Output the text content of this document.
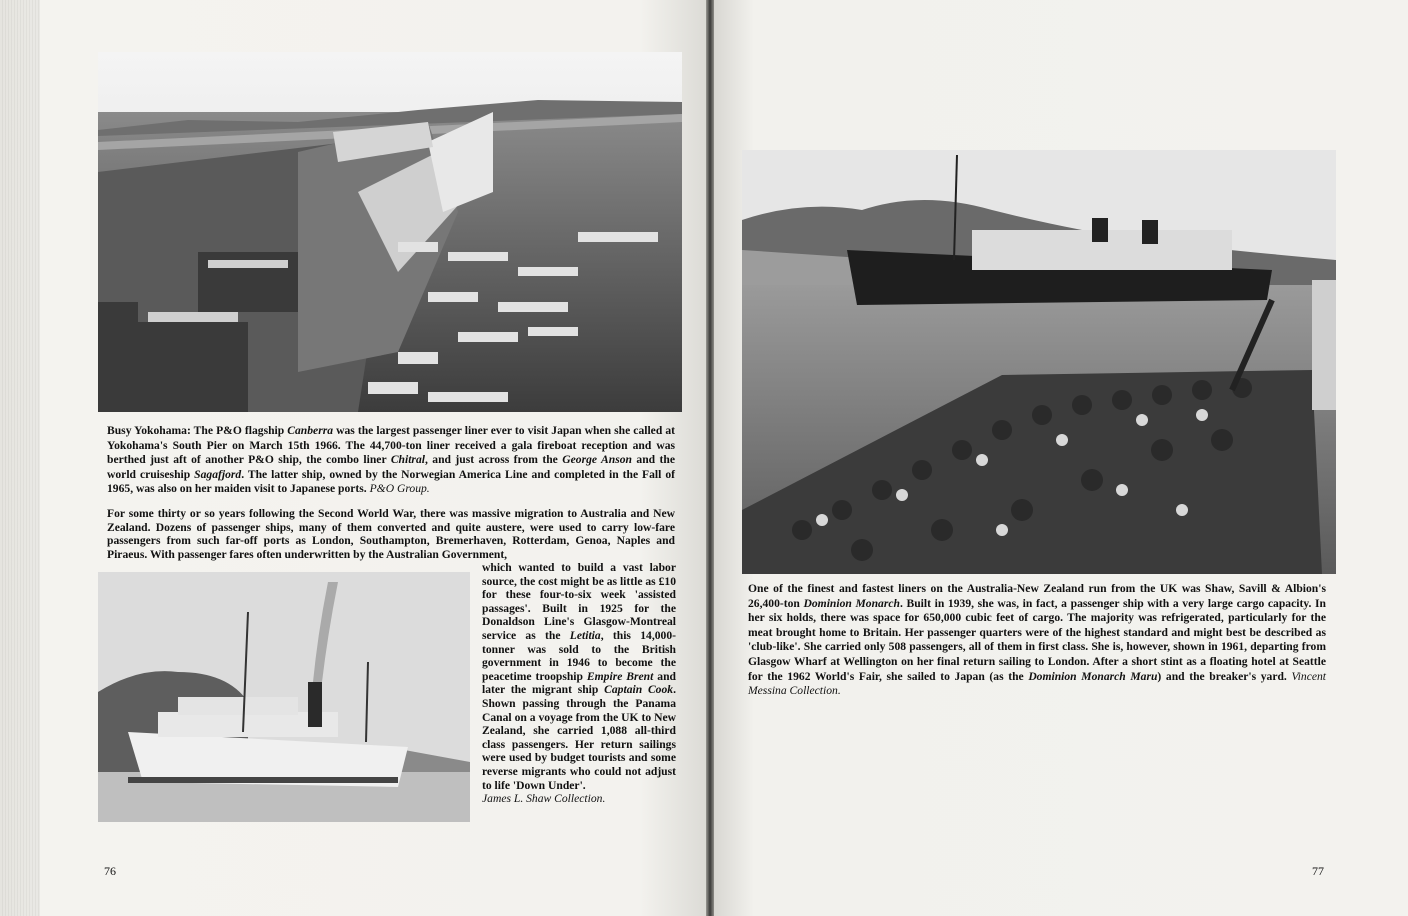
Busy Yokohama: The P&O flagship Canberra was the largest passenger liner ever to visit Japan when she called at Yokohama's South Pier on March 15th 1966. The 44,700-ton liner received a gala fireboat reception and was berthed just aft of another P&O ship, the combo liner Chitral, and just across from the George Anson and the world cruiseship Sagafjord. The latter ship, owned by the Norwegian America Line and completed in the Fall of 1965, was also on her maiden visit to Japanese ports. P&O Group.
For some thirty or so years following the Second World War, there was massive migration to Australia and New Zealand. Dozens of passenger ships, many of them converted and quite austere, were used to carry low-fare passengers from such far-off ports as London, Southampton, Bremerhaven, Rotterdam, Genoa, Naples and Piraeus. With passenger fares often underwritten by the Australian Government,
which wanted to build a vast labor source, the cost might be as little as £10 for these four-to-six week 'assisted passages'. Built in 1925 for the Donaldson Line's Glasgow-Montreal service as the Letitia, this 14,000-tonner was sold to the British government in 1946 to become the peacetime troopship Empire Brent and later the migrant ship Captain Cook. Shown passing through the Panama Canal on a voyage from the UK to New Zealand, she carried 1,088 all-third class passengers. Her return sailings were used by budget tourists and some reverse migrants who could not adjust to life 'Down Under'.
James L. Shaw Collection.
76
One of the finest and fastest liners on the Australia-New Zealand run from the UK was Shaw, Savill & Albion's 26,400-ton Dominion Monarch. Built in 1939, she was, in fact, a passenger ship with a very large cargo capacity. In her six holds, there was space for 650,000 cubic feet of cargo. The majority was refrigerated, particularly for the meat brought home to Britain. Her passenger quarters were of the highest standard and might best be described as 'club-like'. She carried only 508 passengers, all of them in first class. She is, however, shown in 1961, departing from Glasgow Wharf at Wellington on her final return sailing to London. After a short stint as a floating hotel at Seattle for the 1962 World's Fair, she sailed to Japan (as the Dominion Monarch Maru) and the breaker's yard. Vincent Messina Collection.
77
